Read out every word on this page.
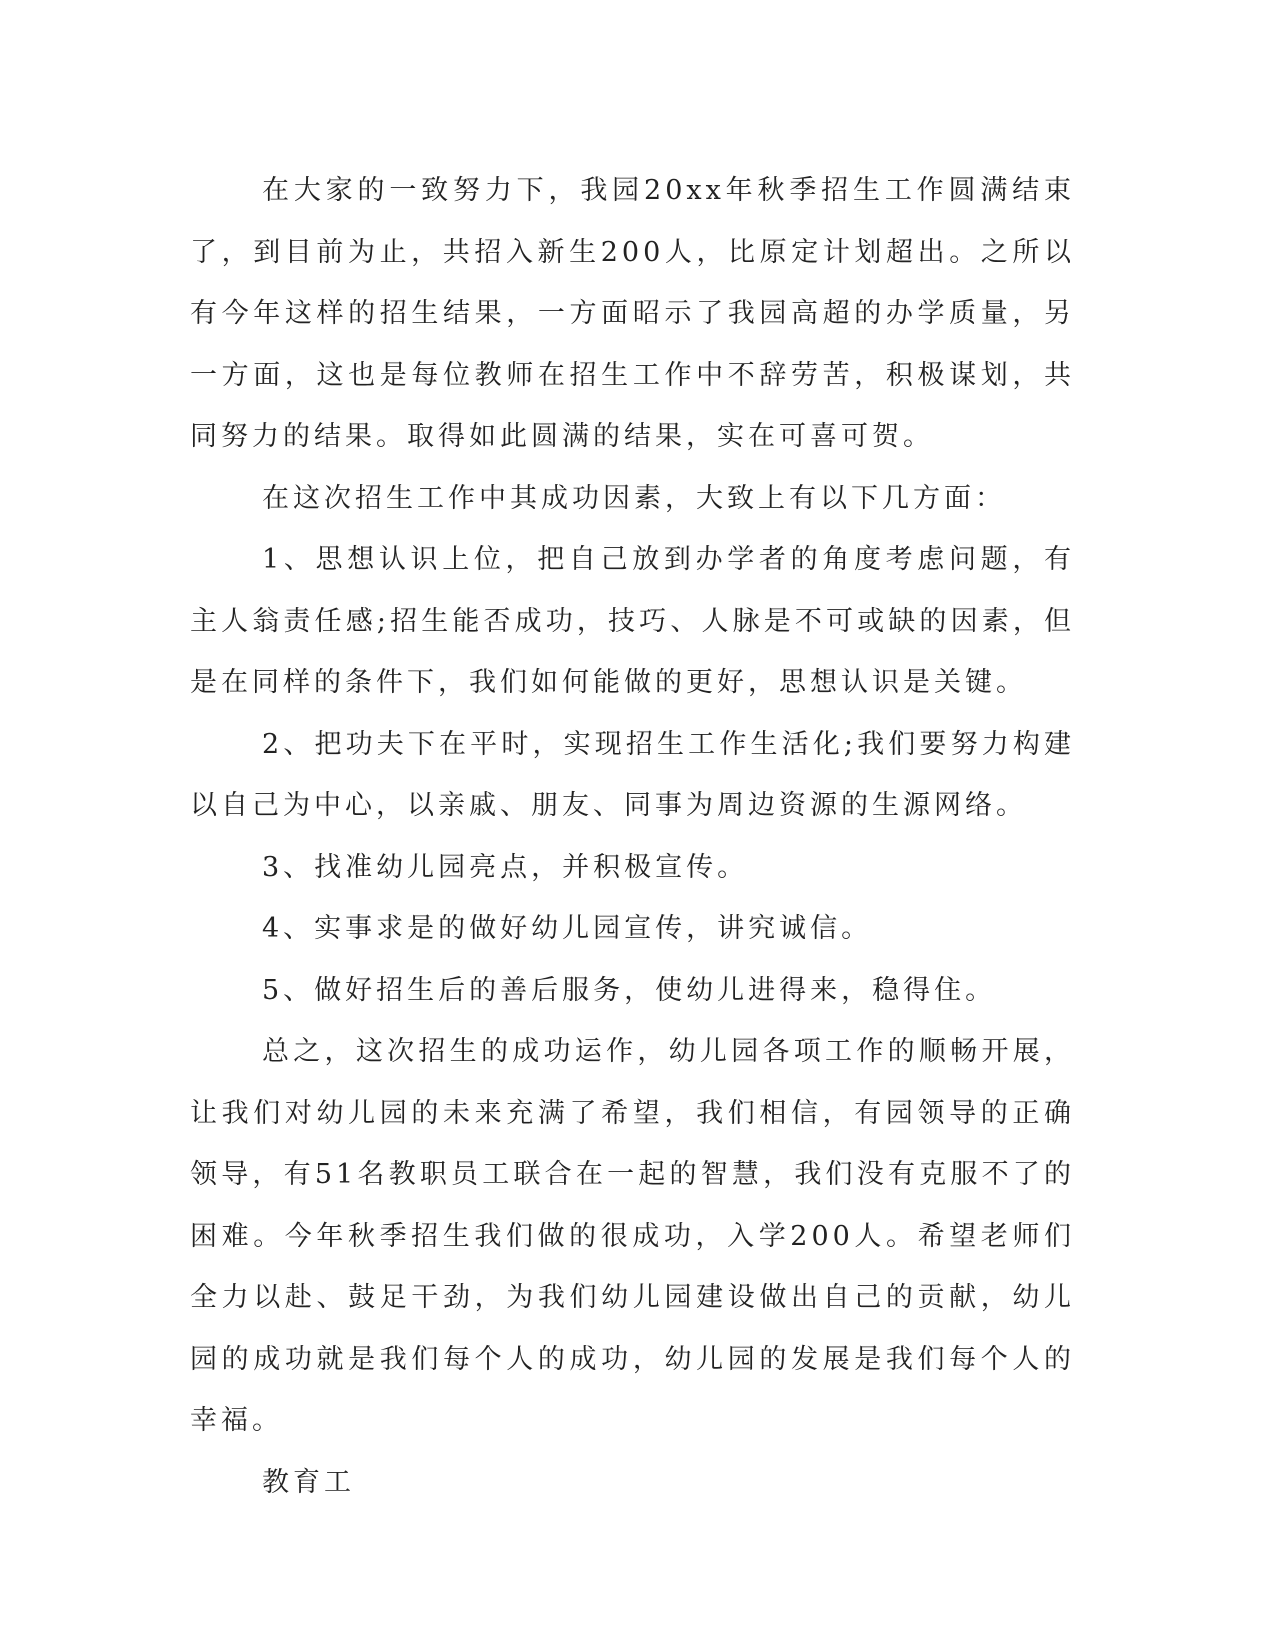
在大家的一致努力下，我园20xx年秋季招生工作圆满结束了，到目前为止，共招入新生200人，比原定计划超出。之所以有今年这样的招生结果，一方面昭示了我园高超的办学质量，另一方面，这也是每位教师在招生工作中不辞劳苦，积极谋划，共同努力的结果。取得如此圆满的结果，实在可喜可贺。

在这次招生工作中其成功因素，大致上有以下几方面：

1、思想认识上位，把自己放到办学者的角度考虑问题，有主人翁责任感;招生能否成功，技巧、人脉是不可或缺的因素，但是在同样的条件下，我们如何能做的更好，思想认识是关键。

2、把功夫下在平时，实现招生工作生活化;我们要努力构建以自己为中心，以亲戚、朋友、同事为周边资源的生源网络。

3、找准幼儿园亮点，并积极宣传。

4、实事求是的做好幼儿园宣传，讲究诚信。

5、做好招生后的善后服务，使幼儿进得来，稳得住。

总之，这次招生的成功运作，幼儿园各项工作的顺畅开展，让我们对幼儿园的未来充满了希望，我们相信，有园领导的正确领导，有51名教职员工联合在一起的智慧，我们没有克服不了的困难。今年秋季招生我们做的很成功，入学200人。希望老师们全力以赴、鼓足干劲，为我们幼儿园建设做出自己的贡献，幼儿园的成功就是我们每个人的成功，幼儿园的发展是我们每个人的幸福。

教育工
